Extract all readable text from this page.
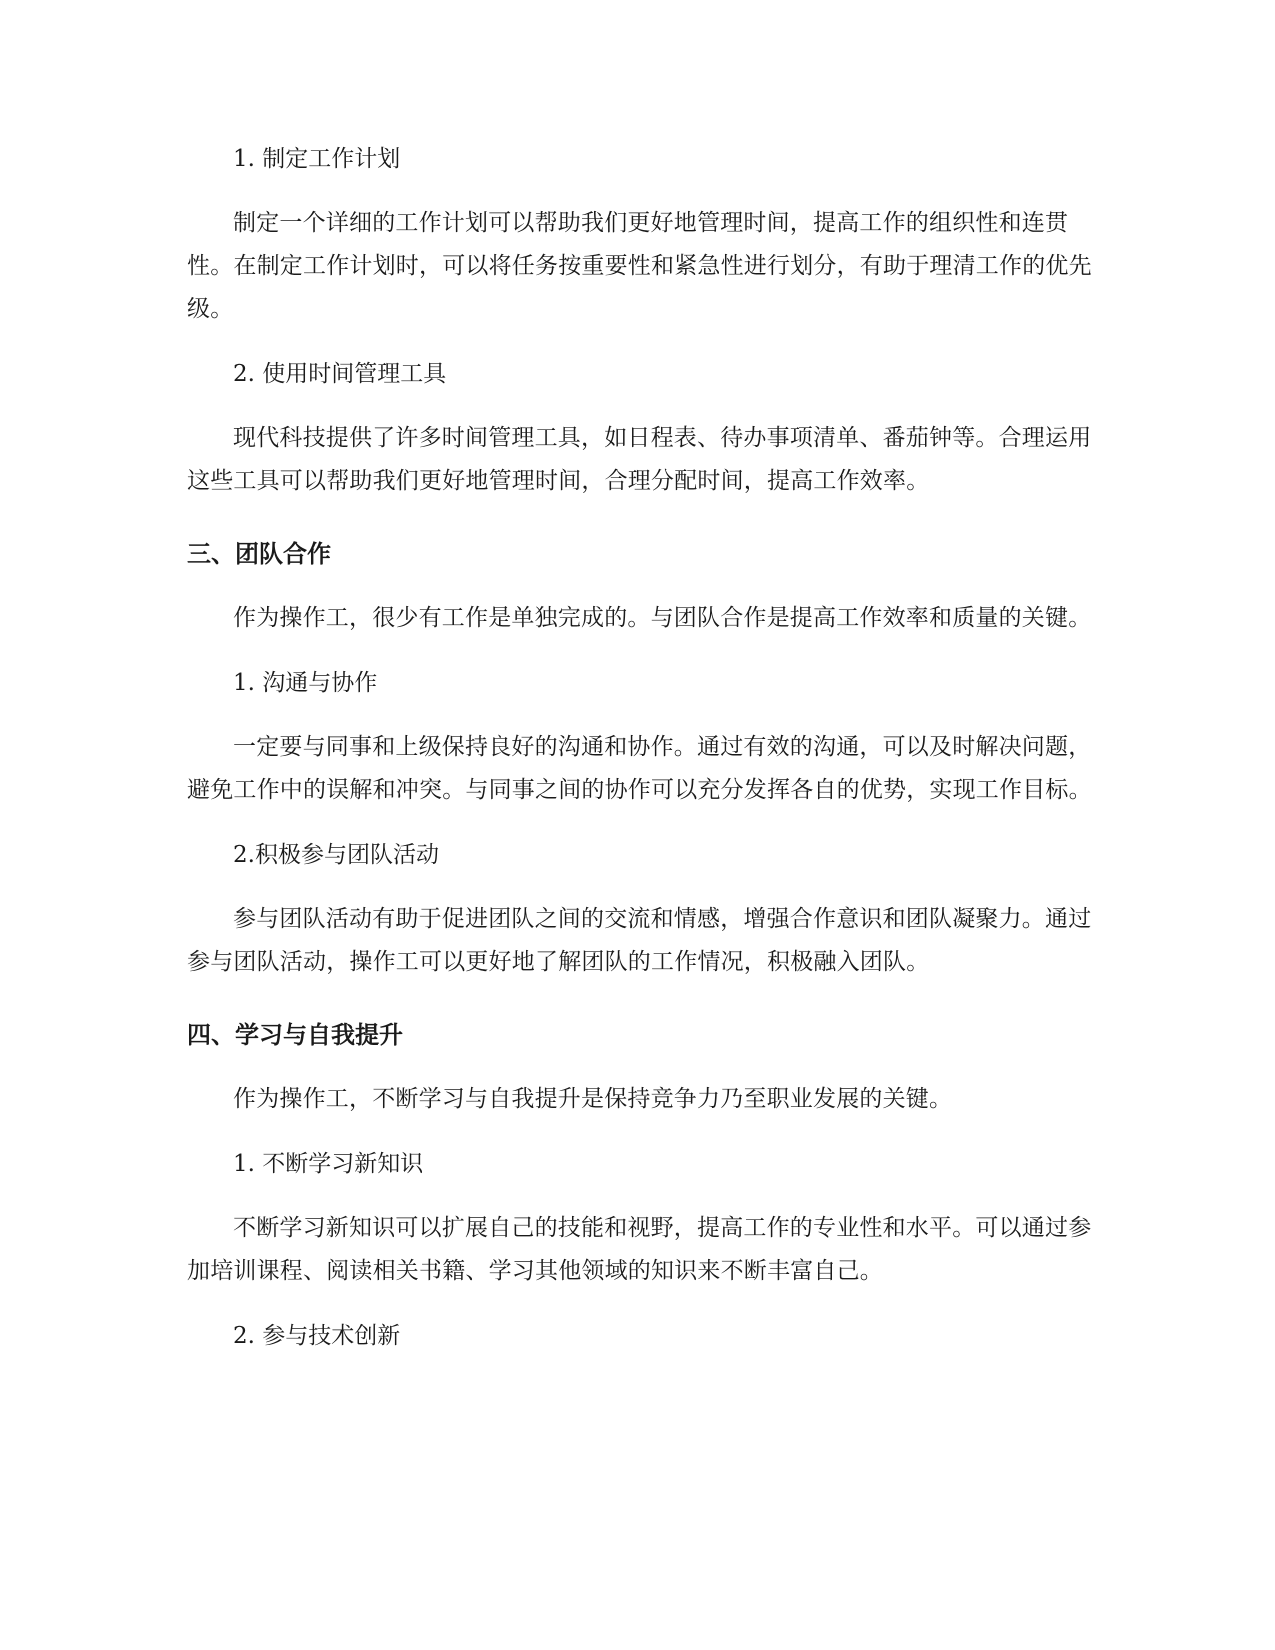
1. 制定工作计划

制定一个详细的工作计划可以帮助我们更好地管理时间，提高工作的组织性和连贯性。在制定工作计划时，可以将任务按重要性和紧急性进行划分，有助于理清工作的优先级。

2. 使用时间管理工具

现代科技提供了许多时间管理工具，如日程表、待办事项清单、番茄钟等。合理运用这些工具可以帮助我们更好地管理时间，合理分配时间，提高工作效率。

三、团队合作

作为操作工，很少有工作是单独完成的。与团队合作是提高工作效率和质量的关键。

1. 沟通与协作

一定要与同事和上级保持良好的沟通和协作。通过有效的沟通，可以及时解决问题，避免工作中的误解和冲突。与同事之间的协作可以充分发挥各自的优势，实现工作目标。

2.积极参与团队活动

参与团队活动有助于促进团队之间的交流和情感，增强合作意识和团队凝聚力。通过参与团队活动，操作工可以更好地了解团队的工作情况，积极融入团队。

四、学习与自我提升

作为操作工，不断学习与自我提升是保持竞争力乃至职业发展的关键。

1. 不断学习新知识

不断学习新知识可以扩展自己的技能和视野，提高工作的专业性和水平。可以通过参加培训课程、阅读相关书籍、学习其他领域的知识来不断丰富自己。

2. 参与技术创新
